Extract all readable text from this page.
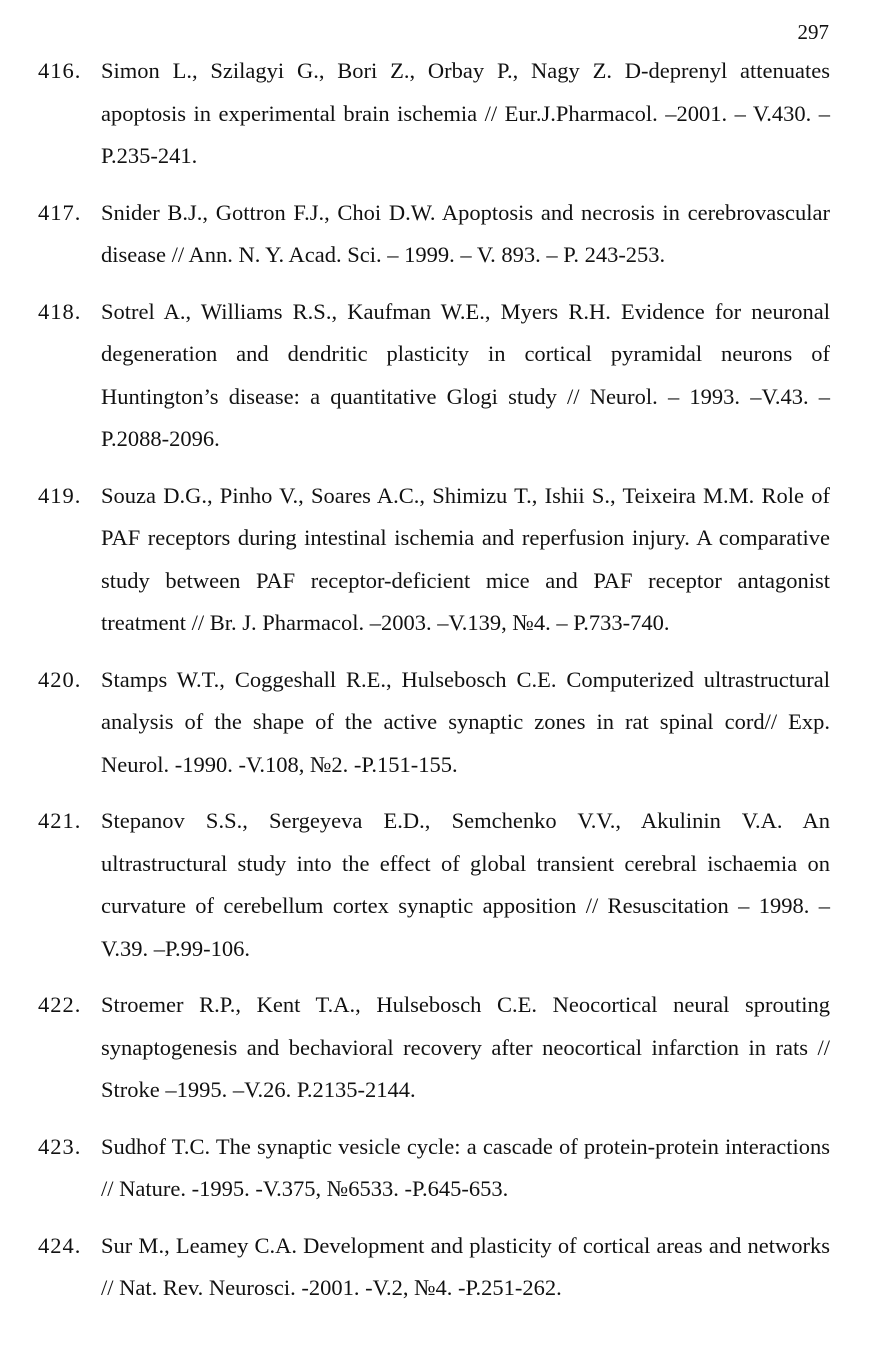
297
416. Simon L., Szilagyi G., Bori Z., Orbay P., Nagy Z. D-deprenyl attenuates apoptosis in experimental brain ischemia // Eur.J.Pharmacol. –2001. – V.430. –P.235-241.
417. Snider B.J., Gottron F.J., Choi D.W. Apoptosis and necrosis in cerebrovascular disease // Ann. N. Y. Acad. Sci. – 1999. – V. 893. – P. 243-253.
418. Sotrel A., Williams R.S., Kaufman W.E., Myers R.H. Evidence for neuronal degeneration and dendritic plasticity in cortical pyramidal neurons of Huntington’s disease: a quantitative Glogi study // Neurol. – 1993. –V.43. – P.2088-2096.
419. Souza D.G., Pinho V., Soares A.C., Shimizu T., Ishii S., Teixeira M.M. Role of PAF receptors during intestinal ischemia and reperfusion injury. A comparative study between PAF receptor-deficient mice and PAF receptor antagonist treatment // Br. J. Pharmacol. –2003. –V.139, №4. – P.733-740.
420. Stamps W.T., Coggeshall R.E., Hulsebosch C.E. Computerized ultrastructural analysis of the shape of the active synaptic zones in rat spinal cord// Exp. Neurol. -1990. -V.108, №2. -P.151-155.
421. Stepanov S.S., Sergeyeva E.D., Semchenko V.V., Akulinin V.A. An ultrastructural study into the effect of global transient cerebral ischaemia on curvature of cerebellum cortex synaptic apposition // Resuscitation – 1998. –V.39. –P.99-106.
422. Stroemer R.P., Kent T.A., Hulsebosch C.E. Neocortical neural sprouting synaptogenesis and bechavioral recovery after neocortical infarction in rats // Stroke –1995. –V.26. P.2135-2144.
423. Sudhof T.C. The synaptic vesicle cycle: a cascade of protein-protein interactions // Nature. -1995. -V.375, №6533. -P.645-653.
424. Sur M., Leamey C.A. Development and plasticity of cortical areas and networks // Nat. Rev. Neurosci. -2001. -V.2, №4. -P.251-262.
